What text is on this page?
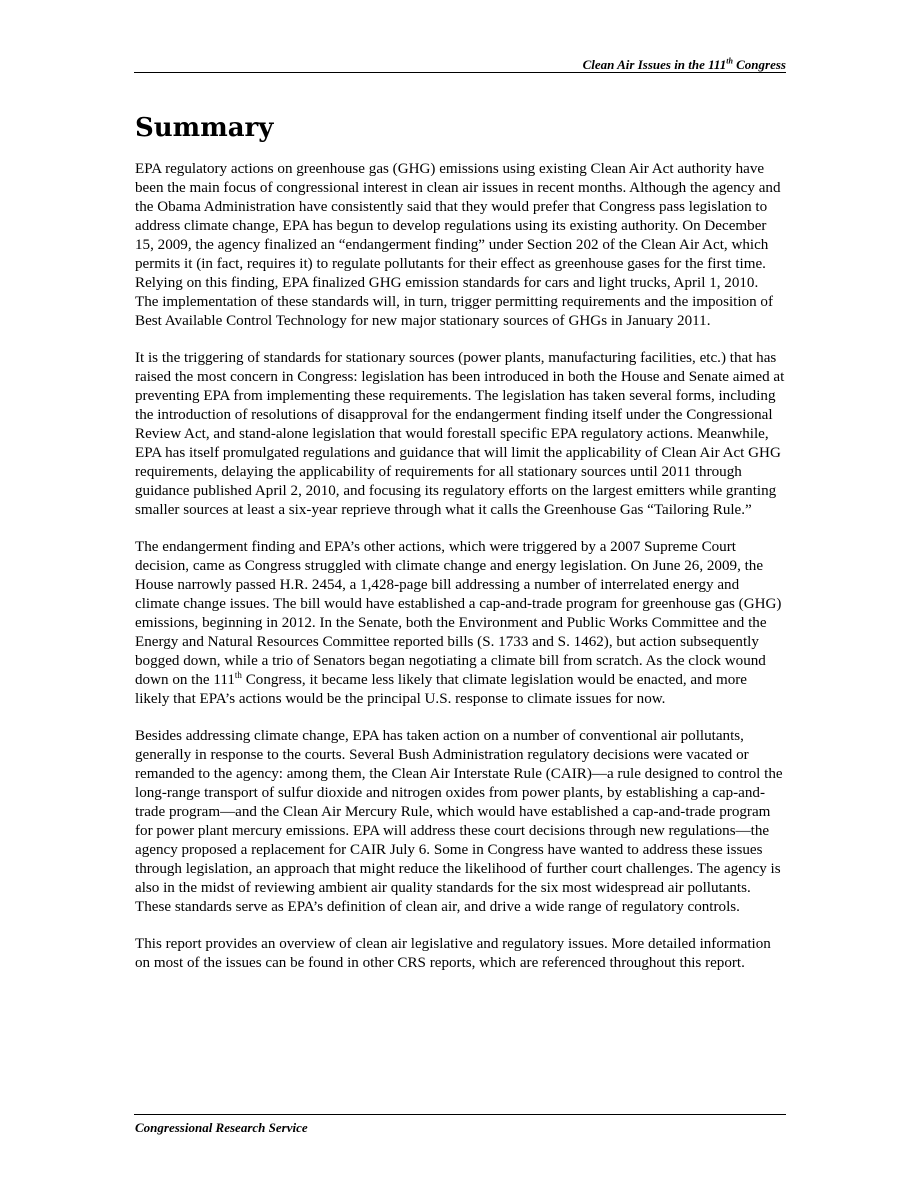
Clean Air Issues in the 111th Congress
Summary

EPA regulatory actions on greenhouse gas (GHG) emissions using existing Clean Air Act authority have been the main focus of congressional interest in clean air issues in recent months. Although the agency and the Obama Administration have consistently said that they would prefer that Congress pass legislation to address climate change, EPA has begun to develop regulations using its existing authority. On December 15, 2009, the agency finalized an “endangerment finding” under Section 202 of the Clean Air Act, which permits it (in fact, requires it) to regulate pollutants for their effect as greenhouse gases for the first time. Relying on this finding, EPA finalized GHG emission standards for cars and light trucks, April 1, 2010. The implementation of these standards will, in turn, trigger permitting requirements and the imposition of Best Available Control Technology for new major stationary sources of GHGs in January 2011.

It is the triggering of standards for stationary sources (power plants, manufacturing facilities, etc.) that has raised the most concern in Congress: legislation has been introduced in both the House and Senate aimed at preventing EPA from implementing these requirements. The legislation has taken several forms, including the introduction of resolutions of disapproval for the endangerment finding itself under the Congressional Review Act, and stand-alone legislation that would forestall specific EPA regulatory actions. Meanwhile, EPA has itself promulgated regulations and guidance that will limit the applicability of Clean Air Act GHG requirements, delaying the applicability of requirements for all stationary sources until 2011 through guidance published April 2, 2010, and focusing its regulatory efforts on the largest emitters while granting smaller sources at least a six-year reprieve through what it calls the Greenhouse Gas “Tailoring Rule.”

The endangerment finding and EPA’s other actions, which were triggered by a 2007 Supreme Court decision, came as Congress struggled with climate change and energy legislation. On June 26, 2009, the House narrowly passed H.R. 2454, a 1,428-page bill addressing a number of interrelated energy and climate change issues. The bill would have established a cap-and-trade program for greenhouse gas (GHG) emissions, beginning in 2012. In the Senate, both the Environment and Public Works Committee and the Energy and Natural Resources Committee reported bills (S. 1733 and S. 1462), but action subsequently bogged down, while a trio of Senators began negotiating a climate bill from scratch. As the clock wound down on the 111th Congress, it became less likely that climate legislation would be enacted, and more likely that EPA’s actions would be the principal U.S. response to climate issues for now.

Besides addressing climate change, EPA has taken action on a number of conventional air pollutants, generally in response to the courts. Several Bush Administration regulatory decisions were vacated or remanded to the agency: among them, the Clean Air Interstate Rule (CAIR)—a rule designed to control the long-range transport of sulfur dioxide and nitrogen oxides from power plants, by establishing a cap-and-trade program—and the Clean Air Mercury Rule, which would have established a cap-and-trade program for power plant mercury emissions. EPA will address these court decisions through new regulations—the agency proposed a replacement for CAIR July 6. Some in Congress have wanted to address these issues through legislation, an approach that might reduce the likelihood of further court challenges. The agency is also in the midst of reviewing ambient air quality standards for the six most widespread air pollutants. These standards serve as EPA’s definition of clean air, and drive a wide range of regulatory controls.

This report provides an overview of clean air legislative and regulatory issues. More detailed information on most of the issues can be found in other CRS reports, which are referenced throughout this report.

Congressional Research Service
